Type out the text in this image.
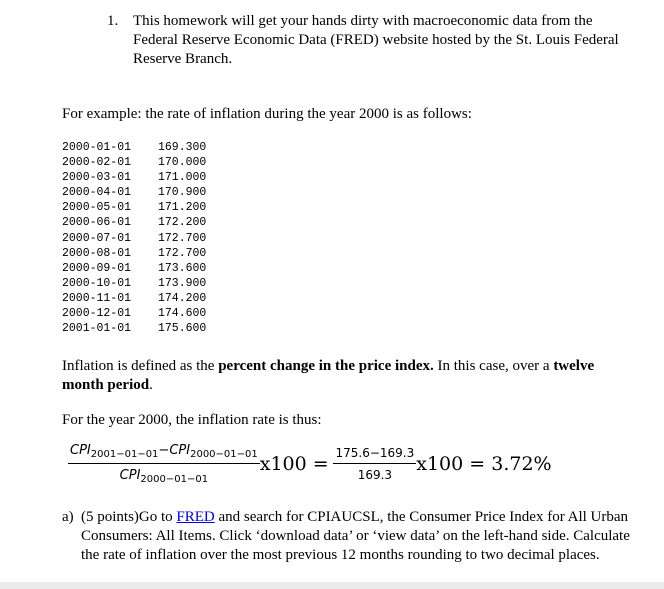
1. This homework will get your hands dirty with macroeconomic data from the Federal Reserve Economic Data (FRED) website hosted by the St. Louis Federal Reserve Branch.
For example: the rate of inflation during the year 2000 is as follows:
2000-01-01 169.300
2000-02-01 170.000
2000-03-01 171.000
2000-04-01 170.900
2000-05-01 171.200
2000-06-01 172.200
2000-07-01 172.700
2000-08-01 172.700
2000-09-01 173.600
2000-10-01 173.900
2000-11-01 174.200
2000-12-01 174.600
2001-01-01 175.600
Inflation is defined as the percent change in the price index. In this case, over a twelve month period.
For the year 2000, the inflation rate is thus:
$\frac{CPI_{2001-01-01}-CPI_{2000-01-01}}{CPI_{2000-01-01}} x100 = \frac{175.6-169.3}{169.3} x100 = 3.72\%$
a) (5 points)Go to FRED and search for CPIAUCSL, the Consumer Price Index for All Urban Consumers: All Items. Click ‘download data’ or ‘view data’ on the left-hand side. Calculate the rate of inflation over the most previous 12 months rounding to two decimal places.
